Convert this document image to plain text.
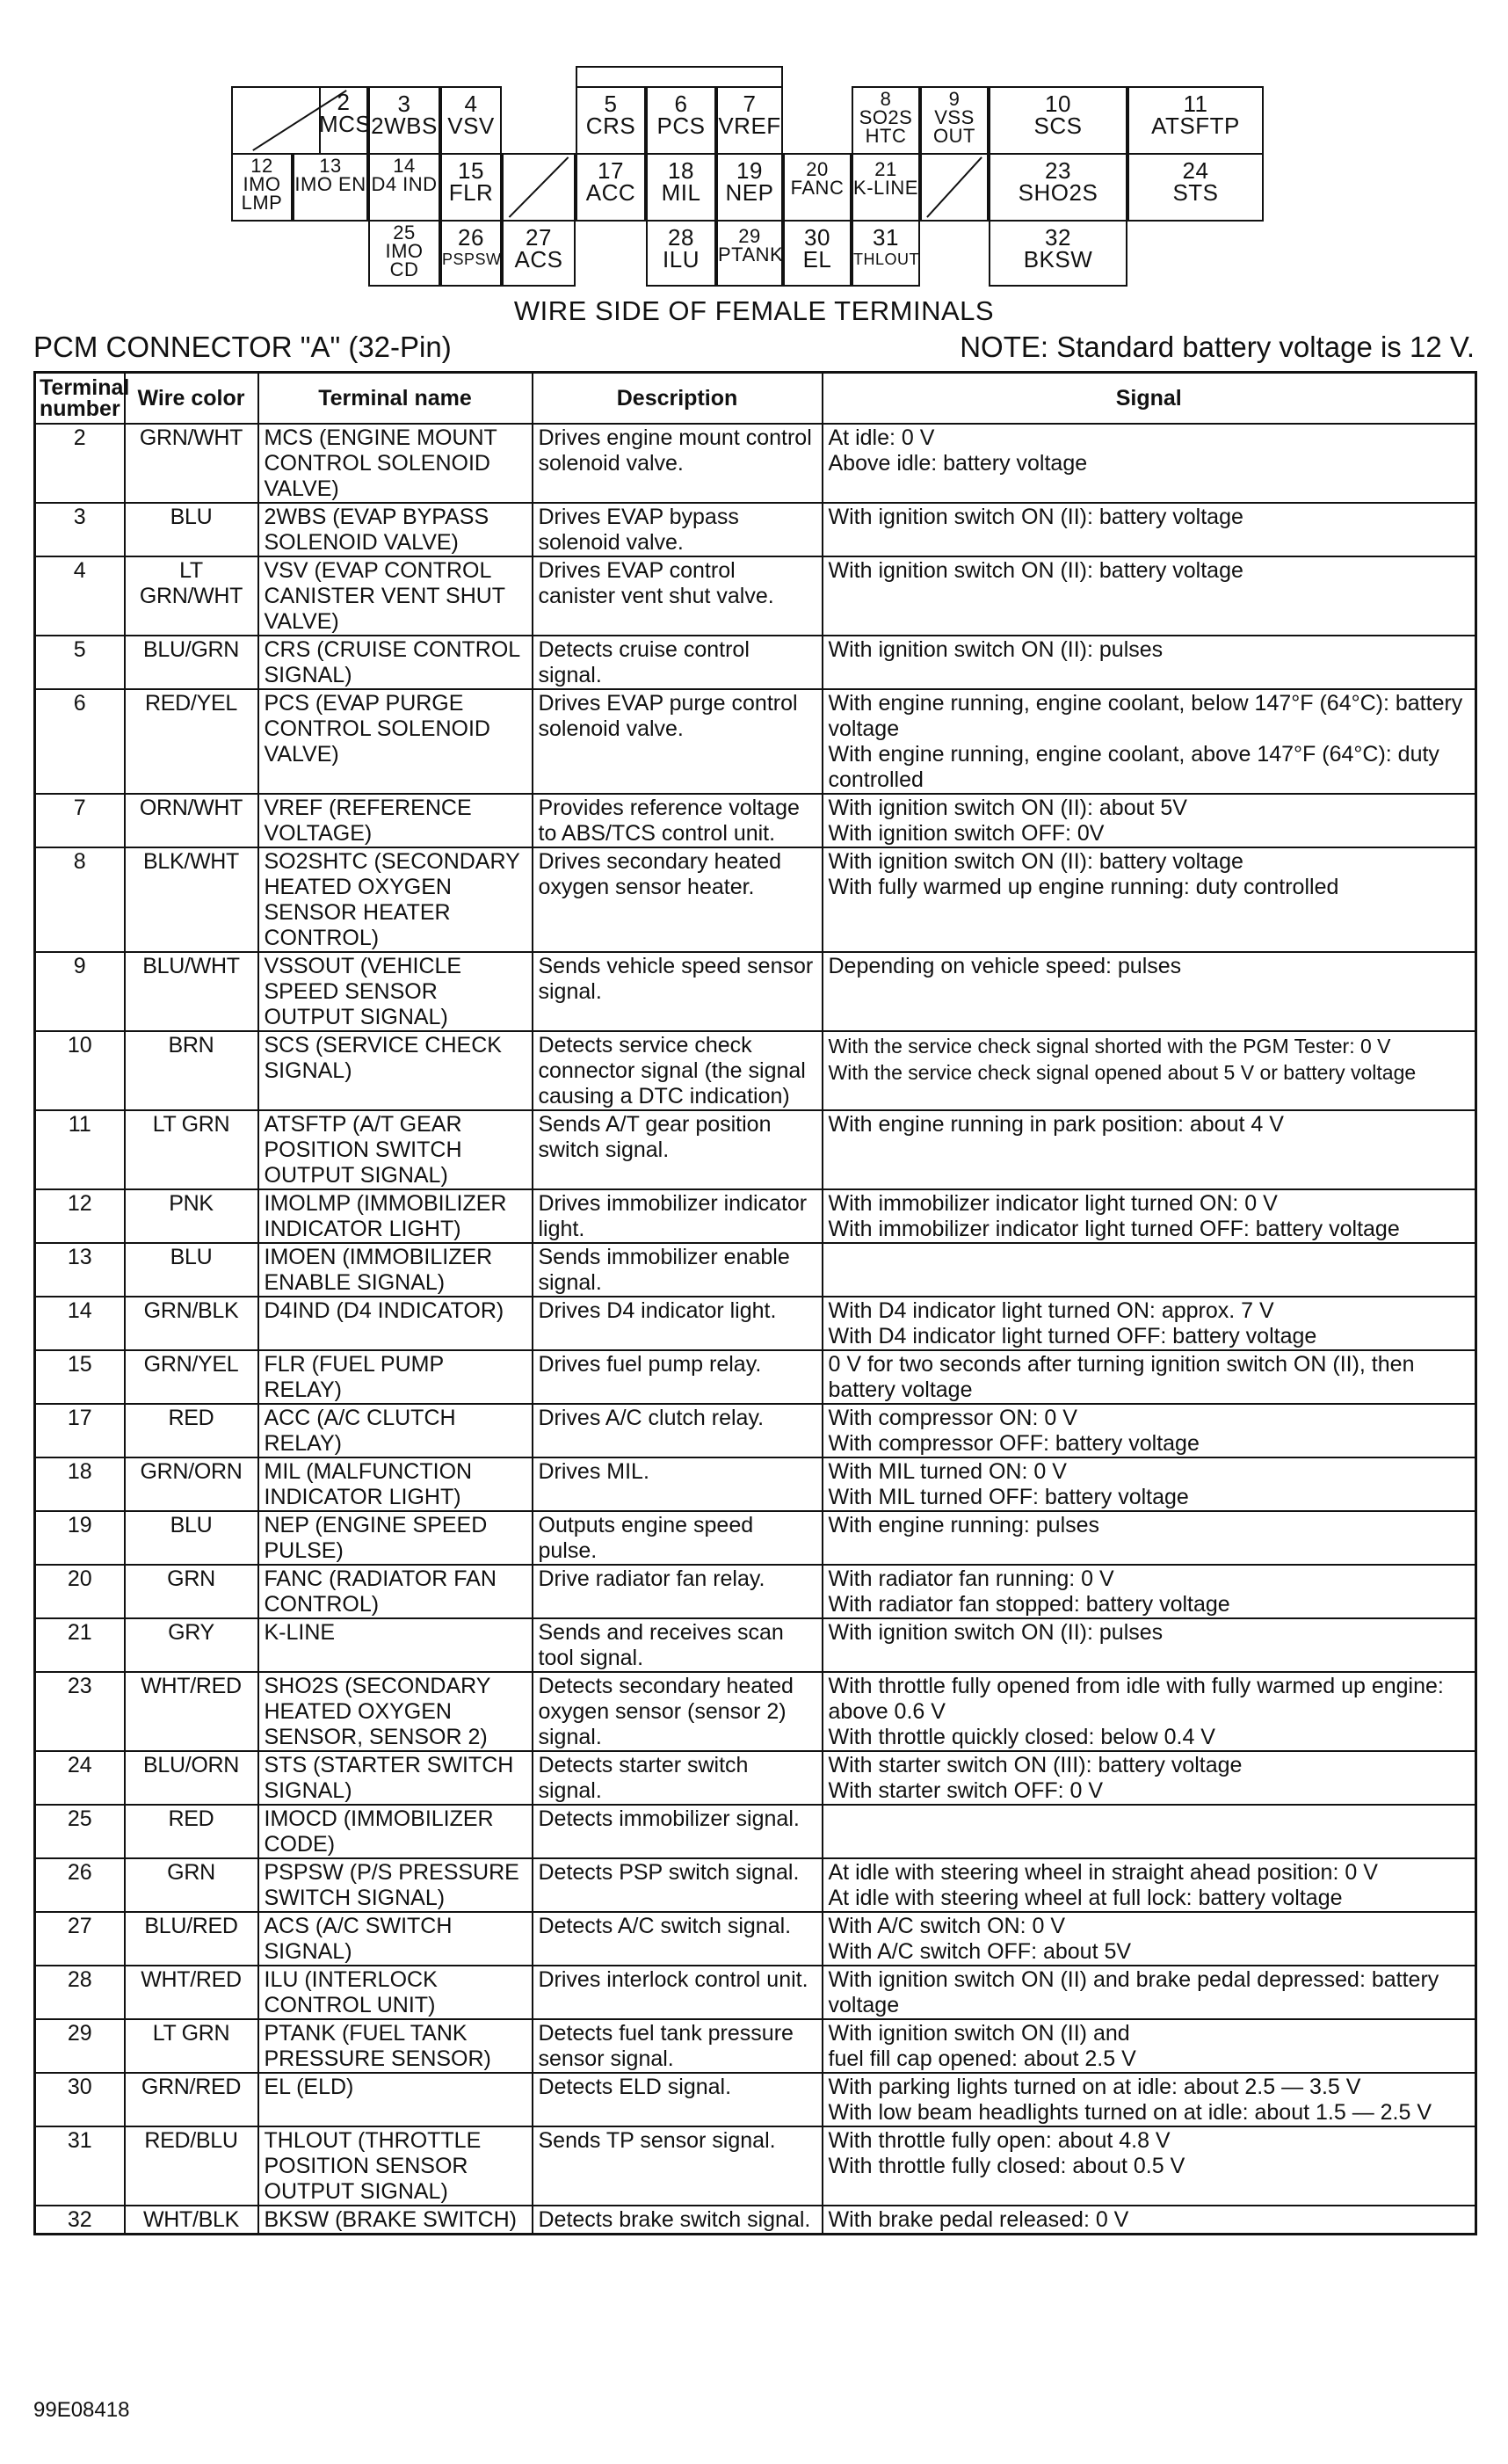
3
2WBS
4
VSV
5
CRS
6
PCS
7
VREF
8
SO2S HTC
9
VSS OUT
10
SCS
11
ATSFTP
12
IMO LMP
13
IMO EN
14
D4 IND
15
FLR
17
ACC
18
MIL
19
NEP
20
FANC
21
K-LINE
23
SHO2S
24
STS
25
IMO CD
26
PSPSW
27
ACS
28
ILU
29
PTANK
30
EL
31
THLOUT
32
BKSW
WIRE SIDE OF FEMALE TERMINALS
2
MCS
PCM CONNECTOR "A" (32-Pin)	NOTE: Standard battery voltage is 12 V.
Terminal number	Wire color	Terminal name	Description	Signal
2	GRN/WHT	MCS (ENGINE MOUNT CONTROL SOLENOID VALVE)	Drives engine mount control solenoid valve.	At idle: 0 V
Above idle: battery voltage
3	BLU	2WBS (EVAP BYPASS SOLENOID VALVE)	Drives EVAP bypass solenoid valve.	With ignition switch ON (II): battery voltage
4	LT GRN/WHT	VSV (EVAP CONTROL CANISTER VENT SHUT VALVE)	Drives EVAP control canister vent shut valve.	With ignition switch ON (II): battery voltage
5	BLU/GRN	CRS (CRUISE CONTROL SIGNAL)	Detects cruise control signal.	With ignition switch ON (II): pulses
6	RED/YEL	PCS (EVAP PURGE CONTROL SOLENOID VALVE)	Drives EVAP purge control solenoid valve.	With engine running, engine coolant, below 147°F (64°C): battery voltage
With engine running, engine coolant, above 147°F (64°C): duty controlled
7	ORN/WHT	VREF (REFERENCE VOLTAGE)	Provides reference voltage to ABS/TCS control unit.	With ignition switch ON (II): about 5V
With ignition switch OFF: 0V
8	BLK/WHT	SO2SHTC (SECONDARY HEATED OXYGEN SENSOR HEATER CONTROL)	Drives secondary heated oxygen sensor heater.	With ignition switch ON (II): battery voltage
With fully warmed up engine running: duty controlled
9	BLU/WHT	VSSOUT (VEHICLE SPEED SENSOR OUTPUT SIGNAL)	Sends vehicle speed sensor signal.	Depending on vehicle speed: pulses
10	BRN	SCS (SERVICE CHECK SIGNAL)	Detects service check connector signal (the signal causing a DTC indication)	With the service check signal shorted with the PGM Tester: 0 V
With the service check signal opened about 5 V or battery voltage
11	LT GRN	ATSFTP (A/T GEAR POSITION SWITCH OUTPUT SIGNAL)	Sends A/T gear position switch signal.	With engine running in park position: about 4 V
12	PNK	IMOLMP (IMMOBILIZER INDICATOR LIGHT)	Drives immobilizer indicator light.	With immobilizer indicator light turned ON: 0 V
With immobilizer indicator light turned OFF: battery voltage
13	BLU	IMOEN (IMMOBILIZER ENABLE SIGNAL)	Sends immobilizer enable signal.	
14	GRN/BLK	D4IND (D4 INDICATOR)	Drives D4 indicator light.	With D4 indicator light turned ON: approx. 7 V
With D4 indicator light turned OFF: battery voltage
15	GRN/YEL	FLR (FUEL PUMP RELAY)	Drives fuel pump relay.	0 V for two seconds after turning ignition switch ON (II), then battery voltage
17	RED	ACC (A/C CLUTCH RELAY)	Drives A/C clutch relay.	With compressor ON: 0 V
With compressor OFF: battery voltage
18	GRN/ORN	MIL (MALFUNCTION INDICATOR LIGHT)	Drives MIL.	With MIL turned ON: 0 V
With MIL turned OFF: battery voltage
19	BLU	NEP (ENGINE SPEED PULSE)	Outputs engine speed pulse.	With engine running: pulses
20	GRN	FANC (RADIATOR FAN CONTROL)	Drive radiator fan relay.	With radiator fan running: 0 V
With radiator fan stopped: battery voltage
21	GRY	K-LINE	Sends and receives scan tool signal.	With ignition switch ON (II): pulses
23	WHT/RED	SHO2S (SECONDARY HEATED OXYGEN SENSOR, SENSOR 2)	Detects secondary heated oxygen sensor (sensor 2) signal.	With throttle fully opened from idle with fully warmed up engine: above 0.6 V
With throttle quickly closed: below 0.4 V
24	BLU/ORN	STS (STARTER SWITCH SIGNAL)	Detects starter switch signal.	With starter switch ON (III): battery voltage
With starter switch OFF: 0 V
25	RED	IMOCD (IMMOBILIZER CODE)	Detects immobilizer signal.	
26	GRN	PSPSW (P/S PRESSURE SWITCH SIGNAL)	Detects PSP switch signal.	At idle with steering wheel in straight ahead position: 0 V
At idle with steering wheel at full lock: battery voltage
27	BLU/RED	ACS (A/C SWITCH SIGNAL)	Detects A/C switch signal.	With A/C switch ON: 0 V
With A/C switch OFF: about 5V
28	WHT/RED	ILU (INTERLOCK CONTROL UNIT)	Drives interlock control unit.	With ignition switch ON (II) and brake pedal depressed: battery voltage
29	LT GRN	PTANK (FUEL TANK PRESSURE SENSOR)	Detects fuel tank pressure sensor signal.	With ignition switch ON (II) and
fuel fill cap opened: about 2.5 V
30	GRN/RED	EL (ELD)	Detects ELD signal.	With parking lights turned on at idle: about 2.5 — 3.5 V
With low beam headlights turned on at idle: about 1.5 — 2.5 V
31	RED/BLU	THLOUT (THROTTLE POSITION SENSOR OUTPUT SIGNAL)	Sends TP sensor signal.	With throttle fully open: about 4.8 V
With throttle fully closed: about 0.5 V
32	WHT/BLK	BKSW (BRAKE SWITCH)	Detects brake switch signal.	With brake pedal released: 0 V
99E08418
